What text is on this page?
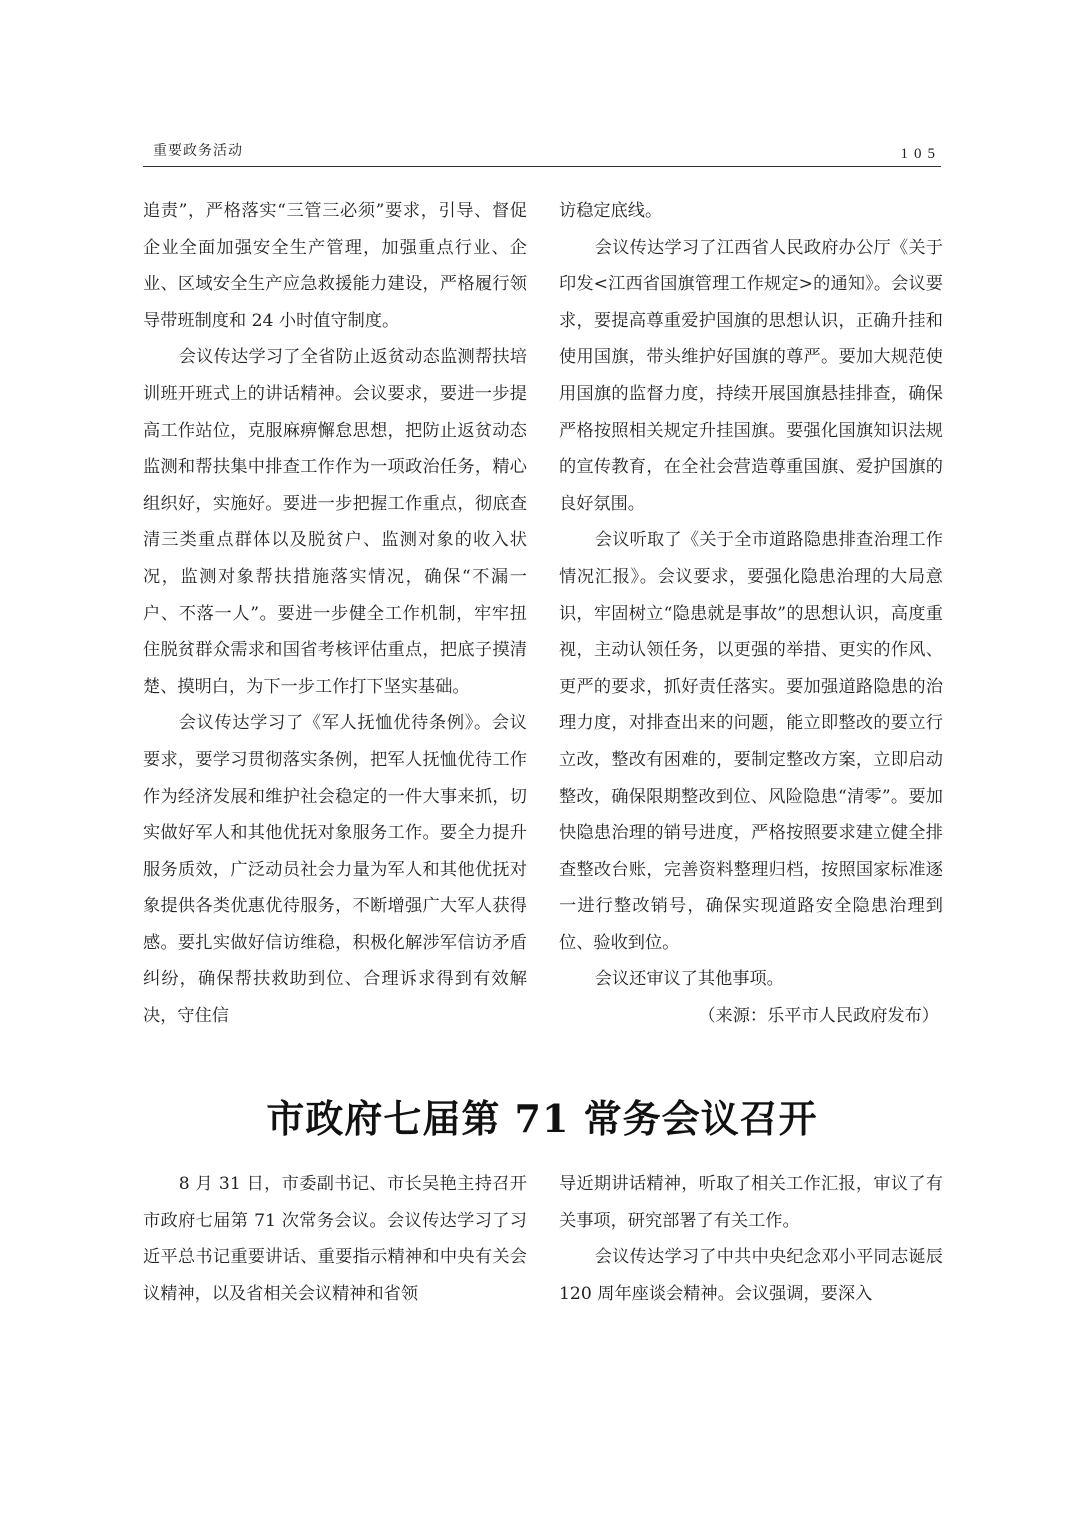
重要政务活动	105

追责”，严格落实“三管三必须”要求，引导、督促企业全面加强安全生产管理，加强重点行业、企业、区域安全生产应急救援能力建设，严格履行领导带班制度和 24 小时值守制度。

会议传达学习了全省防止返贫动态监测帮扶培训班开班式上的讲话精神。会议要求，要进一步提高工作站位，克服麻痹懈怠思想，把防止返贫动态监测和帮扶集中排查工作作为一项政治任务，精心组织好，实施好。要进一步把握工作重点，彻底查清三类重点群体以及脱贫户、监测对象的收入状况，监测对象帮扶措施落实情况，确保“不漏一户、不落一人”。要进一步健全工作机制，牢牢扭住脱贫群众需求和国省考核评估重点，把底子摸清楚、摸明白，为下一步工作打下坚实基础。

会议传达学习了《军人抚恤优待条例》。会议要求，要学习贯彻落实条例，把军人抚恤优待工作作为经济发展和维护社会稳定的一件大事来抓，切实做好军人和其他优抚对象服务工作。要全力提升服务质效，广泛动员社会力量为军人和其他优抚对象提供各类优惠优待服务，不断增强广大军人获得感。要扎实做好信访维稳，积极化解涉军信访矛盾纠纷，确保帮扶救助到位、合理诉求得到有效解决，守住信

访稳定底线。

会议传达学习了江西省人民政府办公厅《关于印发<江西省国旗管理工作规定>的通知》。会议要求，要提高尊重爱护国旗的思想认识，正确升挂和使用国旗，带头维护好国旗的尊严。要加大规范使用国旗的监督力度，持续开展国旗悬挂排查，确保严格按照相关规定升挂国旗。要强化国旗知识法规的宣传教育，在全社会营造尊重国旗、爱护国旗的良好氛围。

会议听取了《关于全市道路隐患排查治理工作情况汇报》。会议要求，要强化隐患治理的大局意识，牢固树立“隐患就是事故”的思想认识，高度重视，主动认领任务，以更强的举措、更实的作风、更严的要求，抓好责任落实。要加强道路隐患的治理力度，对排查出来的问题，能立即整改的要立行立改，整改有困难的，要制定整改方案，立即启动整改，确保限期整改到位、风险隐患“清零”。要加快隐患治理的销号进度，严格按照要求建立健全排查整改台账，完善资料整理归档，按照国家标准逐一进行整改销号，确保实现道路安全隐患治理到位、验收到位。

会议还审议了其他事项。

（来源：乐平市人民政府发布）

市政府七届第 71 常务会议召开

8 月 31 日，市委副书记、市长吴艳主持召开市政府七届第 71 次常务会议。会议传达学习了习近平总书记重要讲话、重要指示精神和中央有关会议精神，以及省相关会议精神和省领

导近期讲话精神，听取了相关工作汇报，审议了有关事项，研究部署了有关工作。

会议传达学习了中共中央纪念邓小平同志诞辰 120 周年座谈会精神。会议强调，要深入
